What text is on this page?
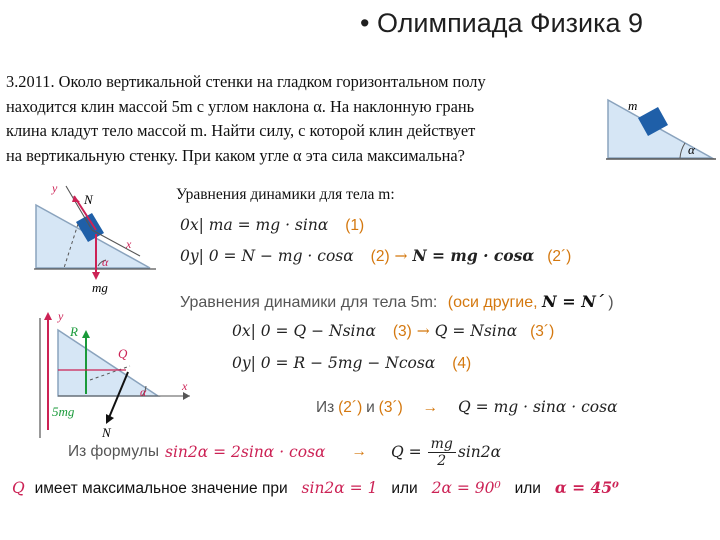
• Олимпиада Физика 9

3.2011. Около вертикальной стенки на гладком горизонтальном полу

находится клин массой 5m с углом наклона α. На наклонную грань

клина кладут тело массой m. Найти силу, с которой клин действует

на вертикальную стенку. При каком угле α эта сила максимальна?

m
α
y
N⃗
x
α
mg⃗
y
R⃗
Q⃗
α	x
5mg⃗
N⃗
Уравнения динамики для тела m:
0x| ma = mg · sinα (1)
0y| 0 = N − mg · cosα (2) → N = mg · cosα (2´)
Уравнения динамики для тела 5m: (оси другие, N = N´ )
0x| 0 = Q − Nsinα (3) → Q = Nsinα (3´)
0y| 0 = R − 5mg − Ncosα (4)
Из (2´) и (3´) → Q = mg · sinα · cosα
Из формулы $\sin 2\alpha = 2\sin\alpha \cdot \cos\alpha \to Q = \frac{mg}{2} \sin 2\alpha$
Q имеет максимальное значение при sin2α = 1 или 2α = 90⁰ или α = 45⁰
